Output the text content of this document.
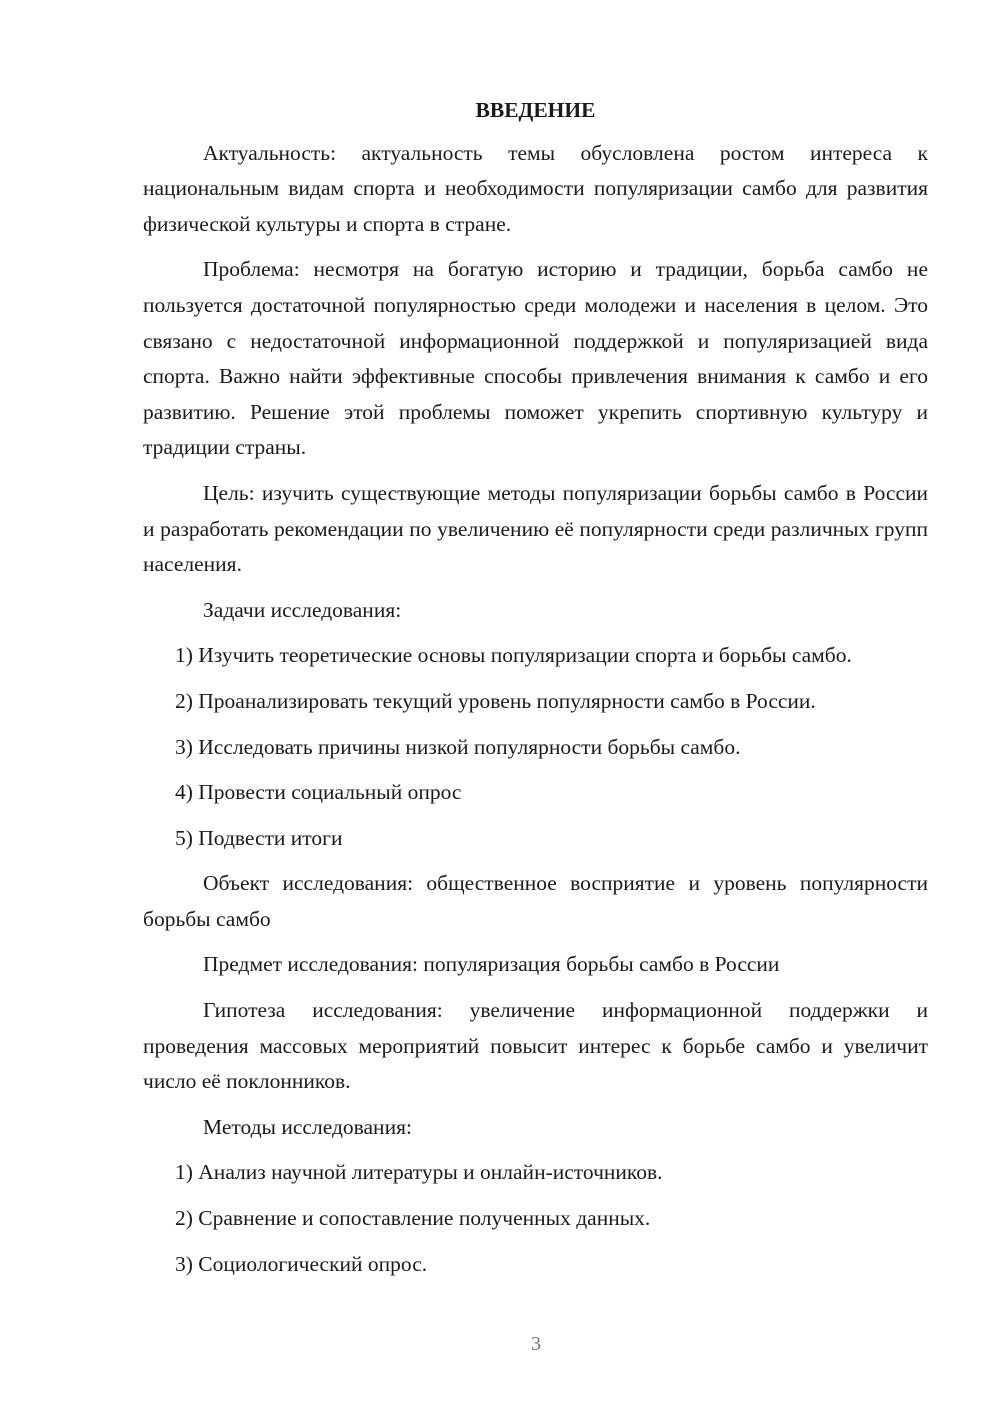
ВВЕДЕНИЕ

Актуальность: актуальность темы обусловлена ростом интереса к национальным видам спорта и необходимости популяризации самбо для развития физической культуры и спорта в стране.

Проблема: несмотря на богатую историю и традиции, борьба самбо не пользуется достаточной популярностью среди молодежи и населения в целом. Это связано с недостаточной информационной поддержкой и популяризацией вида спорта. Важно найти эффективные способы привлечения внимания к самбо и его развитию. Решение этой проблемы поможет укрепить спортивную культуру и традиции страны.

Цель: изучить существующие методы популяризации борьбы самбо в России и разработать рекомендации по увеличению её популярности среди различных групп населения.

Задачи исследования:

1) Изучить теоретические основы популяризации спорта и борьбы самбо.

2) Проанализировать текущий уровень популярности самбо в России.

3) Исследовать причины низкой популярности борьбы самбо.

4) Провести социальный опрос

5) Подвести итоги

Объект исследования: общественное восприятие и уровень популярности борьбы самбо

Предмет исследования: популяризация борьбы самбо в России

Гипотеза исследования: увеличение информационной поддержки и проведения массовых мероприятий повысит интерес к борьбе самбо и увеличит число её поклонников.

Методы исследования:

1) Анализ научной литературы и онлайн-источников.

2) Сравнение и сопоставление полученных данных.

3) Социологический опрос.

3
